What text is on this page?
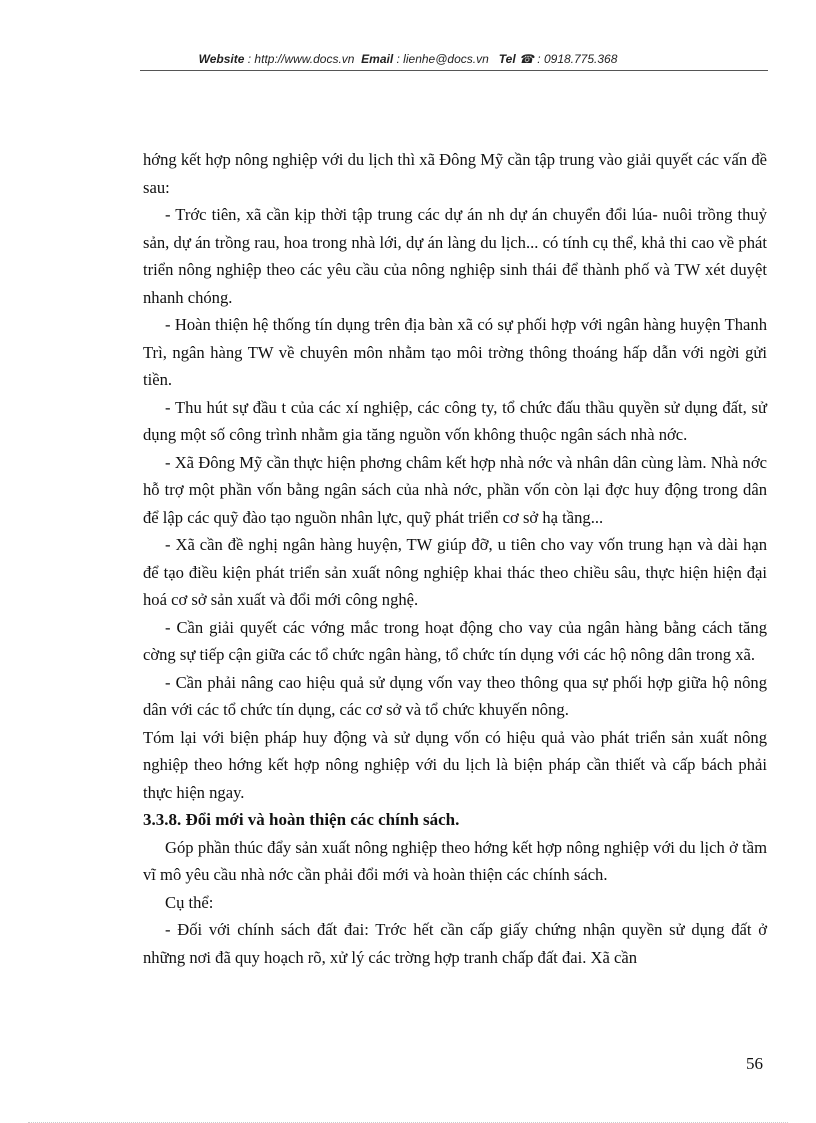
Website : http://www.docs.vn Email : lienhe@docs.vn Tel ☎ : 0918.775.368

hớng kết hợp nông nghiệp với du lịch thì xã Đông Mỹ cần tập trung vào giải quyết các vấn đề sau:

- Trớc tiên, xã cần kịp thời tập trung các dự án nh dự án chuyển đổi lúa- nuôi trồng thuỷ sản, dự án trồng rau, hoa trong nhà lới, dự án làng du lịch... có tính cụ thể, khả thi cao về phát triển nông nghiệp theo các yêu cầu của nông nghiệp sinh thái để thành phố và TW xét duyệt nhanh chóng.

- Hoàn thiện hệ thống tín dụng trên địa bàn xã có sự phối hợp với ngân hàng huyện Thanh Trì, ngân hàng TW về chuyên môn nhằm tạo môi trờng thông thoáng hấp dẫn với ngời gửi tiền.

- Thu hút sự đầu t của các xí nghiệp, các công ty, tổ chức đấu thầu quyền sử dụng đất, sử dụng một số công trình nhằm gia tăng nguồn vốn không thuộc ngân sách nhà nớc.

- Xã Đông Mỹ cần thực hiện phơng châm kết hợp nhà nớc và nhân dân cùng làm. Nhà nớc hỗ trợ một phần vốn bằng ngân sách của nhà nớc, phần vốn còn lại đợc huy động trong dân để lập các quỹ đào tạo nguồn nhân lực, quỹ phát triển cơ sở hạ tầng...

- Xã cần đề nghị ngân hàng huyện, TW giúp đỡ, u tiên cho vay vốn trung hạn và dài hạn để tạo điều kiện phát triển sản xuất nông nghiệp khai thác theo chiều sâu, thực hiện hiện đại hoá cơ sở sản xuất và đổi mới công nghệ.

- Cần giải quyết các vớng mắc trong hoạt động cho vay của ngân hàng bằng cách tăng cờng sự tiếp cận giữa các tổ chức ngân hàng, tổ chức tín dụng với các hộ nông dân trong xã.

- Cần phải nâng cao hiệu quả sử dụng vốn vay theo thông qua sự phối hợp giữa hộ nông dân với các tổ chức tín dụng, các cơ sở và tổ chức khuyến nông.

Tóm lại với biện pháp huy động và sử dụng vốn có hiệu quả vào phát triển sản xuất nông nghiệp theo hớng kết hợp nông nghiệp với du lịch là biện pháp cần thiết và cấp bách phải thực hiện ngay.

3.3.8. Đổi mới và hoàn thiện các chính sách.

Góp phần thúc đẩy sản xuất nông nghiệp theo hớng kết hợp nông nghiệp với du lịch ở tầm vĩ mô yêu cầu nhà nớc cần phải đổi mới và hoàn thiện các chính sách.

Cụ thể:

- Đối với chính sách đất đai: Trớc hết cần cấp giấy chứng nhận quyền sử dụng đất ở những nơi đã quy hoạch rõ, xử lý các trờng hợp tranh chấp đất đai. Xã cần

56
